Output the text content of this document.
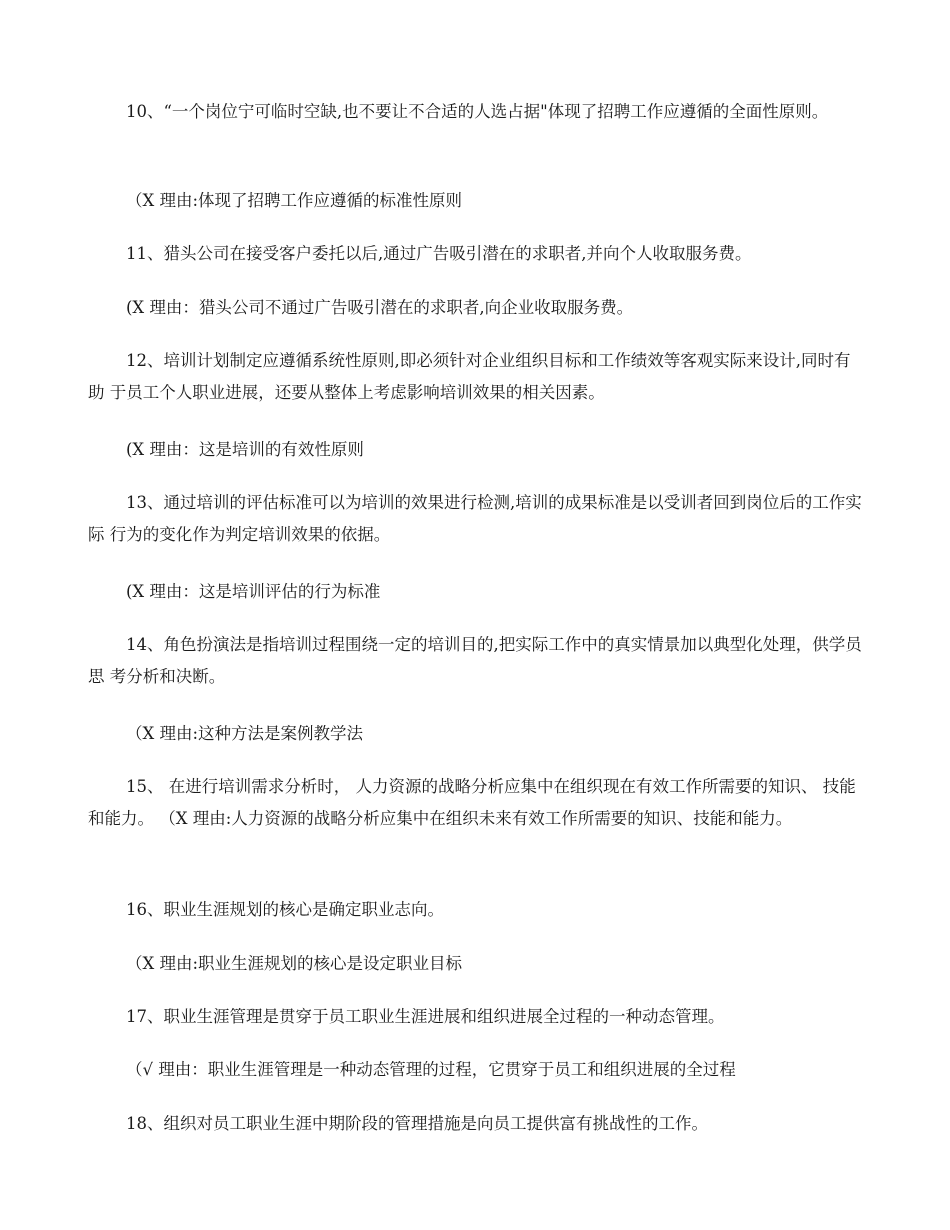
10、“一个岗位宁可临时空缺,也不要让不合适的人选占据"体现了招聘工作应遵循的全面性原则。

（X 理由:体现了招聘工作应遵循的标准性原则

11、猎头公司在接受客户委托以后,通过广告吸引潜在的求职者,并向个人收取服务费。

(X 理由：猎头公司不通过广告吸引潜在的求职者,向企业收取服务费。

12、培训计划制定应遵循系统性原则,即必须针对企业组织目标和工作绩效等客观实际来设计,同时有助 于员工个人职业进展，还要从整体上考虑影响培训效果的相关因素。

(X 理由：这是培训的有效性原则

13、通过培训的评估标准可以为培训的效果进行检测,培训的成果标准是以受训者回到岗位后的工作实际 行为的变化作为判定培训效果的依据。

(X 理由：这是培训评估的行为标准

14、角色扮演法是指培训过程围绕一定的培训目的,把实际工作中的真实情景加以典型化处理，供学员思 考分析和决断。

（X 理由:这种方法是案例教学法

15、 在进行培训需求分析时， 人力资源的战略分析应集中在组织现在有效工作所需要的知识、 技能和能力。 （X 理由:人力资源的战略分析应集中在组织未来有效工作所需要的知识、技能和能力。

16、职业生涯规划的核心是确定职业志向。

（X 理由:职业生涯规划的核心是设定职业目标

17、职业生涯管理是贯穿于员工职业生涯进展和组织进展全过程的一种动态管理。

（√ 理由：职业生涯管理是一种动态管理的过程，它贯穿于员工和组织进展的全过程

18、组织对员工职业生涯中期阶段的管理措施是向员工提供富有挑战性的工作。
